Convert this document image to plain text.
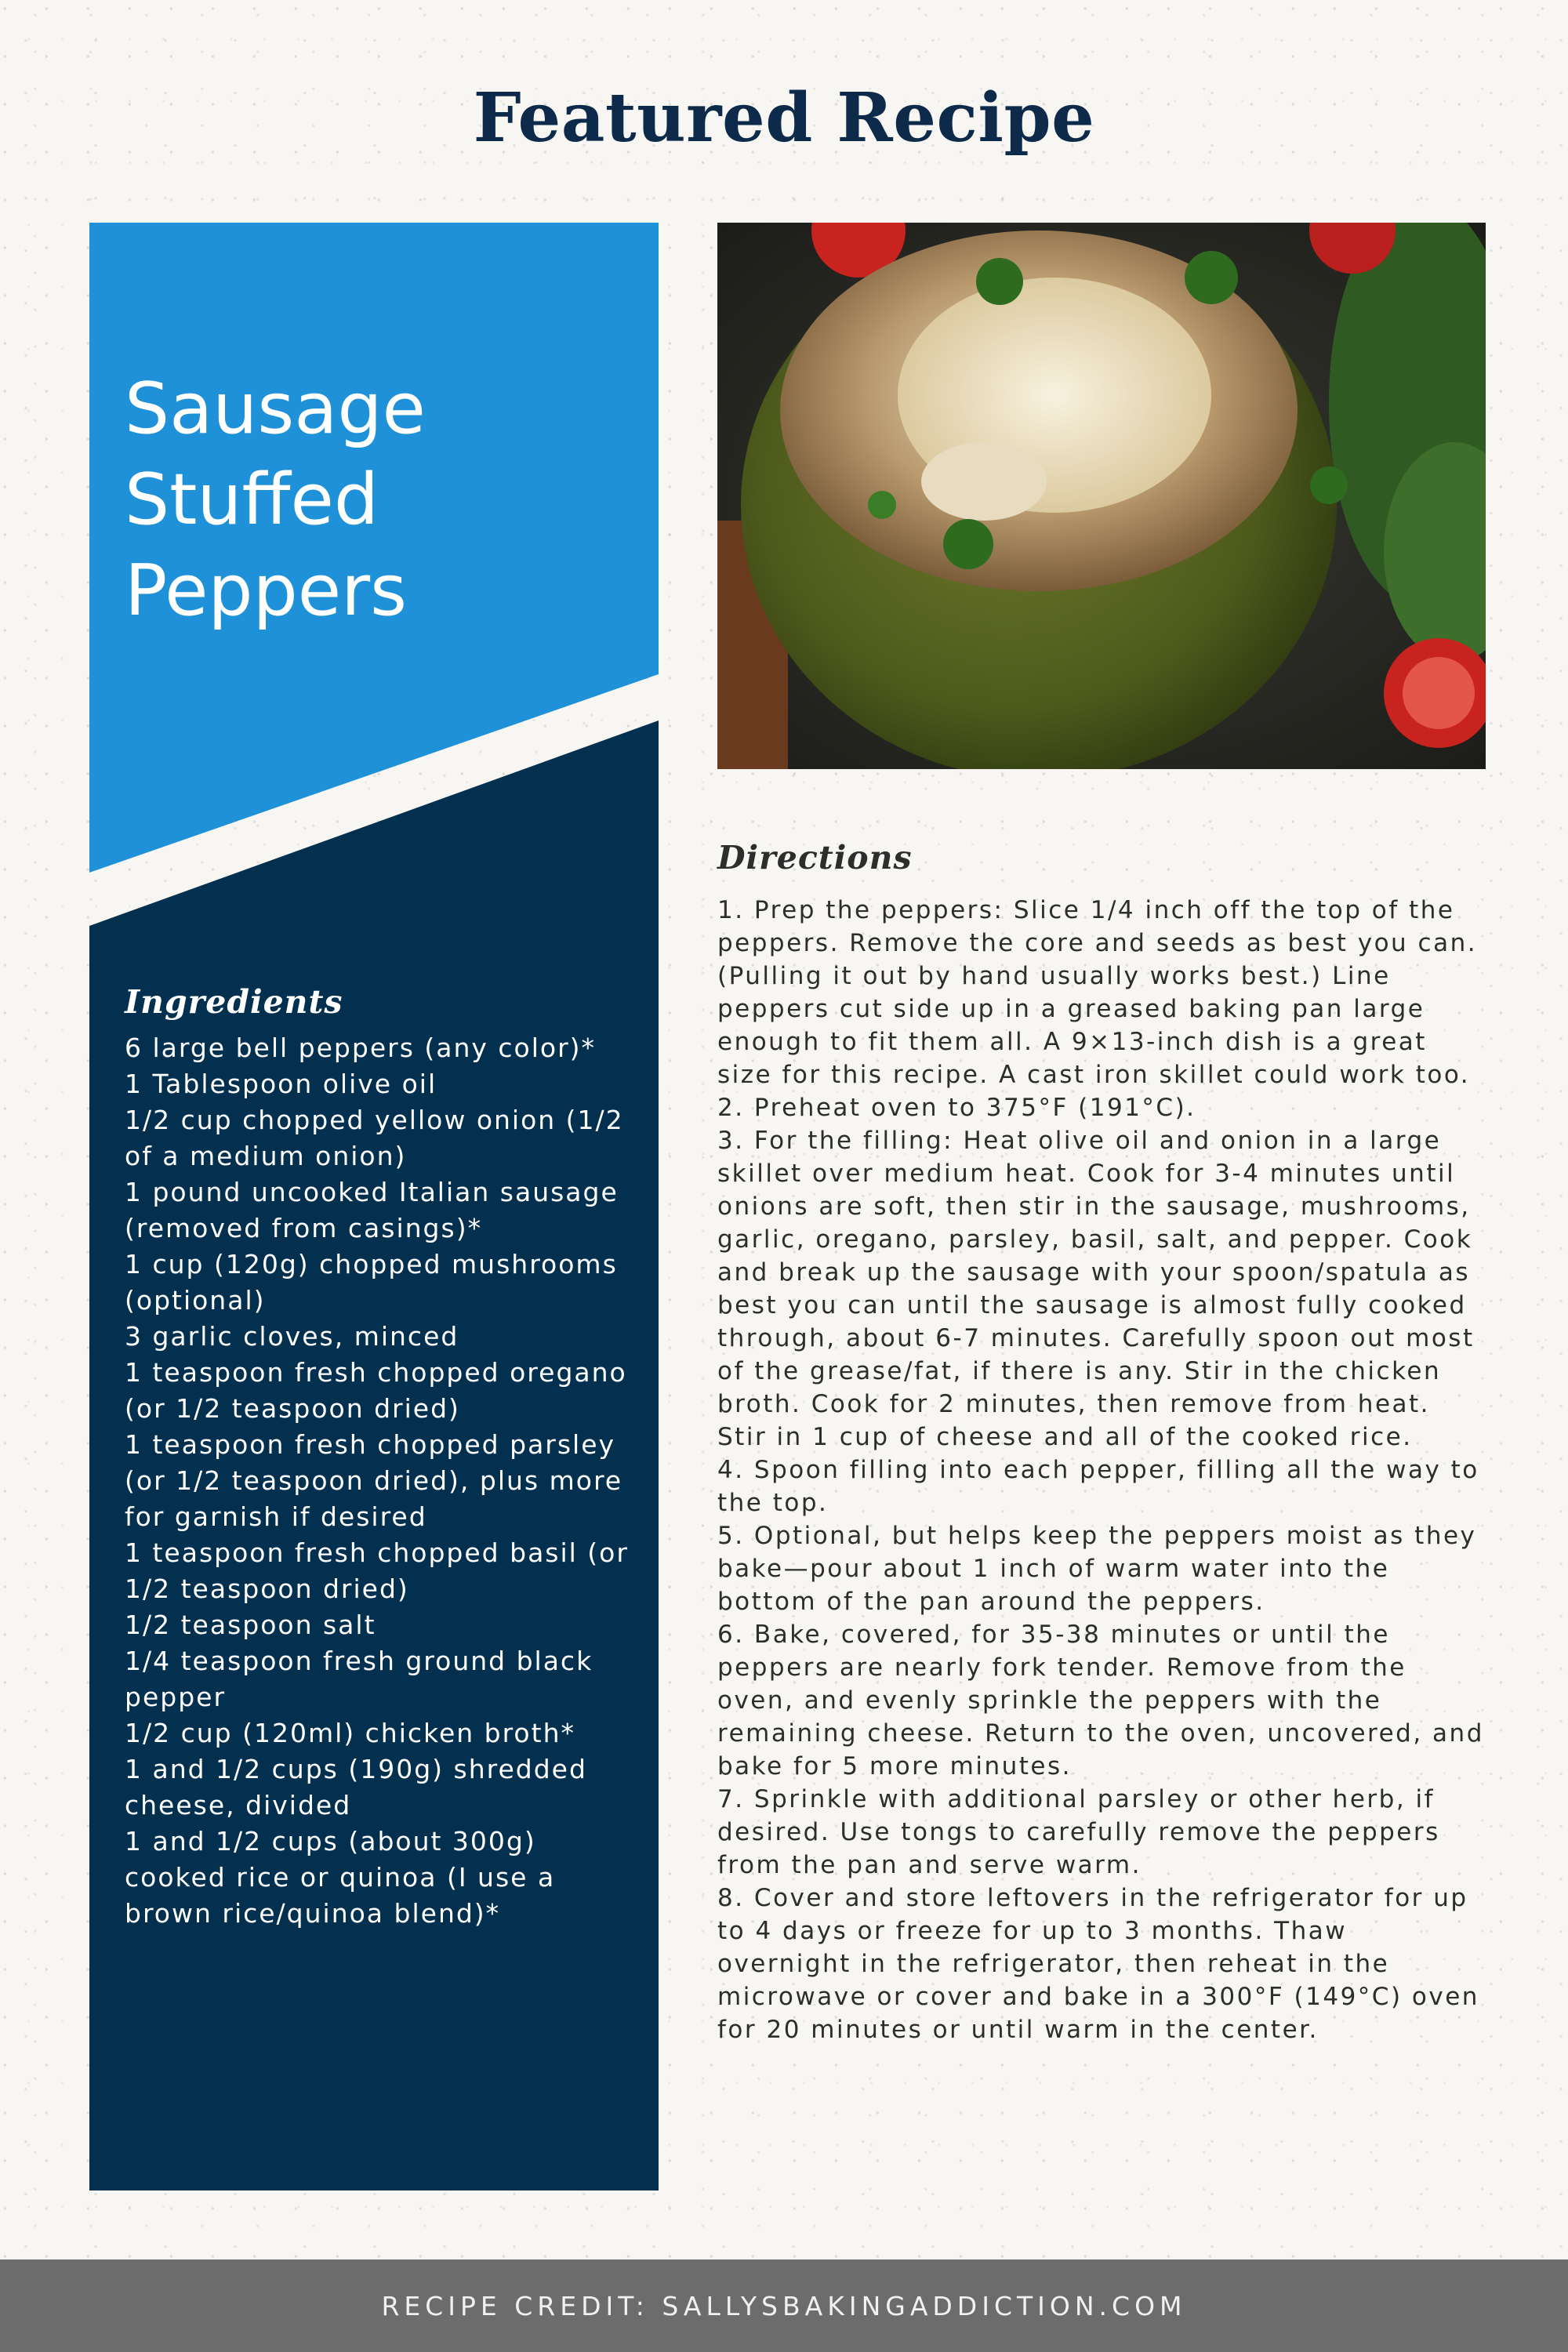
Featured Recipe
Sausage
Stuffed
Peppers
Ingredients
6 large bell peppers (any color)*
1 Tablespoon olive oil
1/2 cup chopped yellow onion (1/2 of a medium onion)
1 pound uncooked Italian sausage (removed from casings)*
1 cup (120g) chopped mushrooms (optional)
3 garlic cloves, minced
1 teaspoon fresh chopped oregano (or 1/2 teaspoon dried)
1 teaspoon fresh chopped parsley (or 1/2 teaspoon dried), plus more for garnish if desired
1 teaspoon fresh chopped basil (or 1/2 teaspoon dried)
1/2 teaspoon salt
1/4 teaspoon fresh ground black pepper
1/2 cup (120ml) chicken broth*
1 and 1/2 cups (190g) shredded cheese, divided
1 and 1/2 cups (about 300g) cooked rice or quinoa (I use a brown rice/quinoa blend)*
Directions
1. Prep the peppers: Slice 1/4 inch off the top of the peppers. Remove the core and seeds as best you can. (Pulling it out by hand usually works best.) Line peppers cut side up in a greased baking pan large enough to fit them all. A 9×13-inch dish is a great size for this recipe. A cast iron skillet could work too.
2. Preheat oven to 375°F (191°C).
3. For the filling: Heat olive oil and onion in a large skillet over medium heat. Cook for 3-4 minutes until onions are soft, then stir in the sausage, mushrooms, garlic, oregano, parsley, basil, salt, and pepper. Cook and break up the sausage with your spoon/spatula as best you can until the sausage is almost fully cooked through, about 6-7 minutes. Carefully spoon out most of the grease/fat, if there is any. Stir in the chicken broth. Cook for 2 minutes, then remove from heat. Stir in 1 cup of cheese and all of the cooked rice.
4. Spoon filling into each pepper, filling all the way to the top.
5. Optional, but helps keep the peppers moist as they bake—pour about 1 inch of warm water into the bottom of the pan around the peppers.
6. Bake, covered, for 35-38 minutes or until the peppers are nearly fork tender. Remove from the oven, and evenly sprinkle the peppers with the remaining cheese. Return to the oven, uncovered, and bake for 5 more minutes.
7. Sprinkle with additional parsley or other herb, if desired. Use tongs to carefully remove the peppers from the pan and serve warm.
8. Cover and store leftovers in the refrigerator for up to 4 days or freeze for up to 3 months. Thaw overnight in the refrigerator, then reheat in the microwave or cover and bake in a 300°F (149°C) oven for 20 minutes or until warm in the center.
RECIPE CREDIT: SALLYSBAKINGADDICTION.COM
